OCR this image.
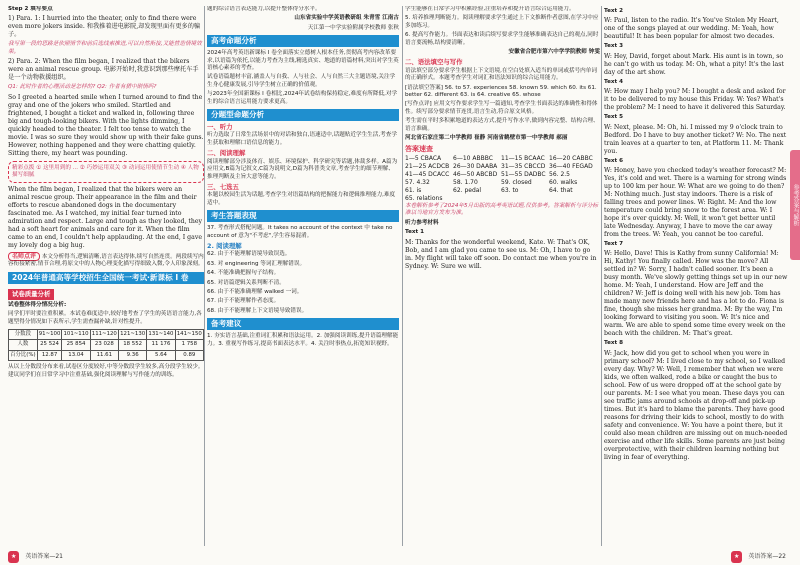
Step 2 填写要点

1) Para. 1: I hurried into the theater, only to find there were even more jokers inside. 和我推着进电影院,却发现里面有更多的骗子。

我写第一段的思路是依照情节和前后选线索推进,可以自然衔接,又能营造情境效果。

2) Para. 2: When the film began, I realized that the bikers were an animal rescue group. 电影开始时,我意识到那些摩托车手是一个动物救援组织。

Q1: 此时作者的心理活动是怎样的? Q2: 作者有猜中剧情吗?

So I greeted a hearted smile when I turned around to find the gray and one of the jokers who smiled. Startled and frightened, I bought a ticket and walked in, following three big and tough-looking bikers. With the lights dimming, I quickly headed to the theater. I felt too tense to watch the movie. I was so sure they would show up with their fake guns. However, nothing happened and they were chatting quietly. Sitting there, my heart was pounding.

精彩点拨 ① 这里用到的 ... ② 巧妙运用双关 ③ 动词运用使情节生动 ④ 人物描写细腻

When the film began, I realized that the bikers were an animal rescue group. Their appearance in the film and their efforts to rescue abandoned dogs in the documentary fascinated me. As I watched, my initial fear turned into admiration and respect. Large and tough as they looked, they had a soft heart for animals and care for it. When the film came to an end, I couldn't help applauding. At the end, I gave my lovely dog a big hug.

名师点评 本文分析得当,逻辑清晰,语言表达得体,续写自然连贯。两段续写内容衔接紧密,情节合理,将原文中的人物心理变化描写得细致入微,令人印象深刻。

2024年普通高等学校招生全国统一考试·新课标 I 卷
试卷质量分析

试卷整体得分情况分析:

同学们平时要注重积累。本试卷难度适中,较好地考查了学生的英语语言能力,各题型得分情况如下表所示,学生需查漏补缺,针对性提升。

分数段	91~100	101~110	111~120	121~130	131~140	141~150
人数	25 524	25 854	23 028	18 552	11 176	1 758
百分比(%)	12.87	13.04	11.61	9.36	5.64	0.89

从以上分数段分布来看,试卷区分度较好,中等分数段学生较多,高分段学生较少。建议同学们在日常学习中注重基础,强化阅读理解与写作能力的训练。

题的综合语言表达能力,以提升整体得分水平。

山东省实验中学英语教研组 朱青雪 江南古

天江第一中学实验附属学校教师 张秋

高考命题分析

2024年高考英语新课标 I 卷全面落实立德树人根本任务,贯彻高考内容改革要求,以语篇为依托,以能力考查为主线,精选真实、地道的语篇材料,突出对学生英语核心素养的考查。

试卷语篇题材丰富,涵盖人与自我、人与社会、人与自然三大主题语境,关注学生身心健康发展,引导学生树立正确的价值观。

与2023年全国新课标 I 卷相比,2024年试卷结构保持稳定,难度有所降低,对学生的综合语言运用能力要求更高。

分题型命题分析

一、听力

听力选取了日常生活场景中的对话和独白,语速适中,话题贴近学生生活,考查学生获取和理解口语信息的能力。

二、阅读理解

阅读理解部分涉及体育、娱乐、环境保护、科学研究等话题,体裁多样。A篇为应用文,B篇为记叙文,C篇为说明文,D篇为科普类文章,考查学生的细节理解、推理判断及主旨大意等能力。

三、七选五

本题以校园生活为话题,考查学生对语篇结构的把握能力和逻辑推理能力,难度适中。

考生答题表现

37. 考查形式搭配问题。It takes no account of the context 中 take no account of 意为"不考虑",学生容易混淆。

2. 阅读理解

62. 由于不能理解语境导致误选。

63. 对 engineering 等词汇理解错误。

64. 不能准确把握句子结构。

65. 对语篇逻辑关系判断不清。

66. 由于不能准确理解 walked 一词。

67. 由于不能理解作者态度。

68. 由于不能理解上下文语境导致错误。

备考建议

1. 夯实语言基础,注重词汇积累和语法运用。2. 加强阅读训练,提升语篇理解能力。3. 重视写作练习,提高书面表达水平。4. 关注时事热点,拓宽知识视野。

学生能够在日常学习中积累经验,注重培养和提升语言综合运用能力。

5. 培养推理判断能力。阅读理解要求学生通过上下文推断作者意图,在学习中应多加练习。

6. 提高写作能力。书面表达和读后续写要求学生能够准确表达自己的观点,同时语言要流畅,结构要清晰。

安徽省合肥市第六中学学院教师 钟雯

二、语法填空与写作

语法填空部分要求学生根据上下文语境,在空白处填入适当的单词或括号内单词的正确形式。本题考查学生对词汇和语法知识的综合运用能力。

[语法填空答案] 56. to 57. experiences 58. known 59. which 60. its 61. better 62. different 63. is 64. creative 65. whose

[写作点评] 应用文写作要求学生写一篇通知,考查学生书面表达的准确性和得体性。续写部分要求情节连贯,语言生动,符合原文风格。

考生需在平时多积累地道的表达方式,提升写作水平,做到内容完整、结构合理、语言准确。

河北省石家庄第二中学教师 崔静 河南省鹤壁市第一中学教师 郝丽

答案速查
1—5 CBACA 6—10 ABBBC 11—15 BCAAC 16—20 CABBC 21—25 ACDCB 26—30 DAABA 31—35 CBCCD 36—40 FEGAD 41—45 DCACC 46—50 ABCBD 51—55 DADBC 56. 2.5 57. 4.32	58. 1.70	59. closed	60. walks 61. is	62. pedal	63. to	64. that 65. relations

本卷解析参考了2024年5月出版的高考英语试题,仅供参考。答案解析与评分标准以当地官方发布为准。

听力参考材料

Text 1

M: Thanks for the wonderful weekend, Kate. W: That's OK, Bob, and I am glad you came to see us. M: Oh, I have to go in. My flight will take off soon. Do contact me when you're in Sydney. W: Sure we will.

Text 2

W: Paul, listen to the radio. It's You've Stolen My Heart, one of the songs played at our wedding. M: Yeah, how beautiful! It has been popular for almost two decades.

Text 3

W: Hey, David, forget about Mark. His aunt is in town, so he can't go with us today. M: Oh, what a pity! It's the last day of the art show.

Text 4

W: How may I help you? M: I bought a desk and asked for it to be delivered to my house this Friday. W: Yes? What's the problem? M: I need to have it delivered this Saturday.

Text 5

W: Next, please. M: Oh, hi. I missed my 9 o'clock train to Bedford. Do I have to buy another ticket? W: No. The next train leaves at a quarter to ten, at Platform 11. M: Thank you.

Text 6

W: Honey, have you checked today's weather forecast? M: Yes, it's cold and wet. There is a warning for strong winds up to 100 km per hour. W: What are we going to do then? M: Nothing much. Just stay indoors. There is a risk of falling trees and power lines. W: Right. M: And the low temperature could bring snow to the forest area. W: I hope it's over quickly. M: Well, it won't get better until late Wednesday. Anyway, I have to move the car away from the trees. W: Yeah, you cannot be too careful.

Text 7

W: Hello, Dave! This is Kathy from sunny California! M: Hi, Kathy! You finally called. How was the move? All settled in? W: Sorry, I hadn't called sooner. It's been a busy month. We've slowly getting things set up in our new home. M: Yeah, I understand. How are Jeff and the children? W: Jeff is doing well with his new job. Tom has made many new friends here and has a lot to do. Fiona is fine, though she misses her grandma. M: By the way, I'm looking forward to visiting you soon. W: It's nice and warm. We are able to spend some time every week on the beach with the children. M: That's great.

Text 8

W: Jack, how did you get to school when you were in primary school? M: I lived close to my school, so I walked every day. Why? W: Well, I remember that when we were kids, we often walked, rode a bike or caught the bus to school. Few of us were dropped off at the school gate by our parents. M: I see what you mean. These days you can see traffic jams around schools at drop-off and pick-up times. But it's hard to blame the parents. They have good reasons for driving their kids to school, mostly to do with safety and convenience. W: You have a point there, but it could also mean children are missing out on much-needed exercise and other life skills. Some parents are just being overprotective, with their children learning nothing but living in fear of everything.

参考答案与解析
★ 英语答案—21	★ 英语答案—22
